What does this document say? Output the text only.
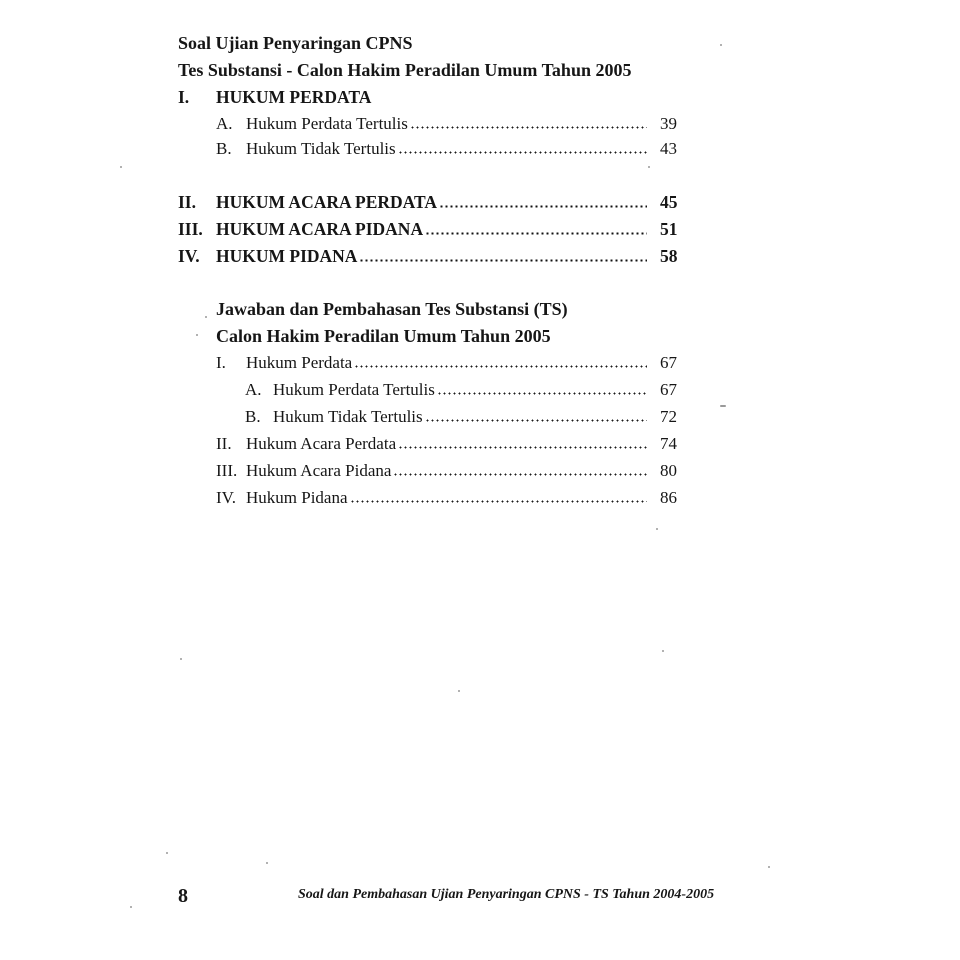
Soal Ujian Penyaringan CPNS
Tes Substansi - Calon Hakim Peradilan Umum Tahun 2005
I.	HUKUM PERDATA
A. Hukum Perdata Tertulis	39
B. Hukum Tidak Tertulis	43
II.	HUKUM ACARA PERDATA	45
III. HUKUM ACARA PIDANA	51
IV. HUKUM PIDANA	58
Jawaban dan Pembahasan Tes Substansi (TS)
Calon Hakim Peradilan Umum Tahun 2005
I.	Hukum Perdata	67
A. Hukum Perdata Tertulis	67
B. Hukum Tidak Tertulis	72
II. Hukum Acara Perdata	74
III. Hukum Acara Pidana	80
IV. Hukum Pidana	86
8	Soal dan Pembahasan Ujian Penyaringan CPNS - TS Tahun 2004-2005
